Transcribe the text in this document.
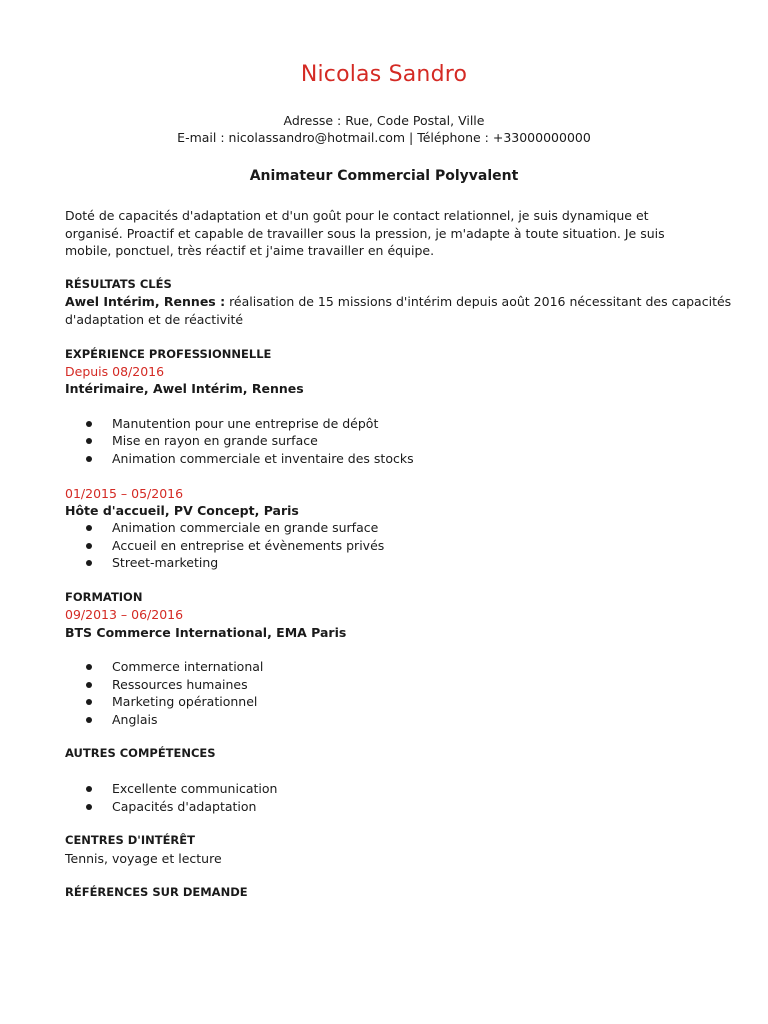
Nicolas Sandro
Adresse : Rue, Code Postal, Ville
E-mail : nicolassandro@hotmail.com | Téléphone : +33000000000
Animateur Commercial Polyvalent
Doté de capacités d'adaptation et d'un goût pour le contact relationnel, je suis dynamique et organisé. Proactif et capable de travailler sous la pression, je m'adapte à toute situation. Je suis mobile, ponctuel, très réactif et j'aime travailler en équipe.
RÉSULTATS CLÉS
Awel Intérim, Rennes : réalisation de 15 missions d'intérim depuis août 2016 nécessitant des capacités
d'adaptation et de réactivité
EXPÉRIENCE PROFESSIONNELLE
Depuis 08/2016
Intérimaire, Awel Intérim, Rennes
Manutention pour une entreprise de dépôt
Mise en rayon en grande surface
Animation commerciale et inventaire des stocks
01/2015 – 05/2016
Hôte d'accueil, PV Concept, Paris
Animation commerciale en grande surface
Accueil en entreprise et évènements privés
Street-marketing
FORMATION
09/2013 – 06/2016
BTS Commerce International, EMA Paris
Commerce international
Ressources humaines
Marketing opérationnel
Anglais
AUTRES COMPÉTENCES
Excellente communication
Capacités d'adaptation
CENTRES D'INTÉRÊT
Tennis, voyage et lecture
RÉFÉRENCES SUR DEMANDE
